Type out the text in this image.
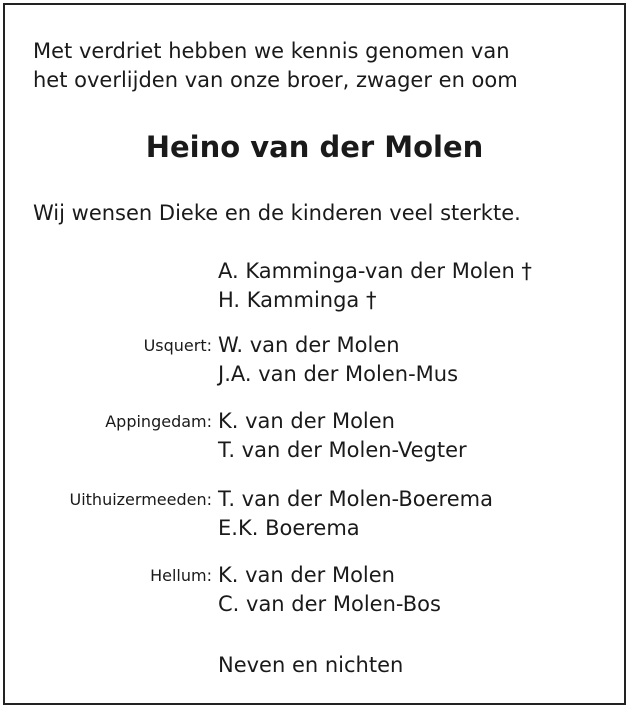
Met verdriet hebben we kennis genomen van
het overlijden van onze broer, zwager en oom
Heino van der Molen
Wij wensen Dieke en de kinderen veel sterkte.
A. Kamminga-van der Molen †
H. Kamminga †
Usquert: W. van der Molen
J.A. van der Molen-Mus
Appingedam: K. van der Molen
T. van der Molen-Vegter
Uithuizermeeden: T. van der Molen-Boerema
E.K. Boerema
Hellum: K. van der Molen
C. van der Molen-Bos
Neven en nichten
